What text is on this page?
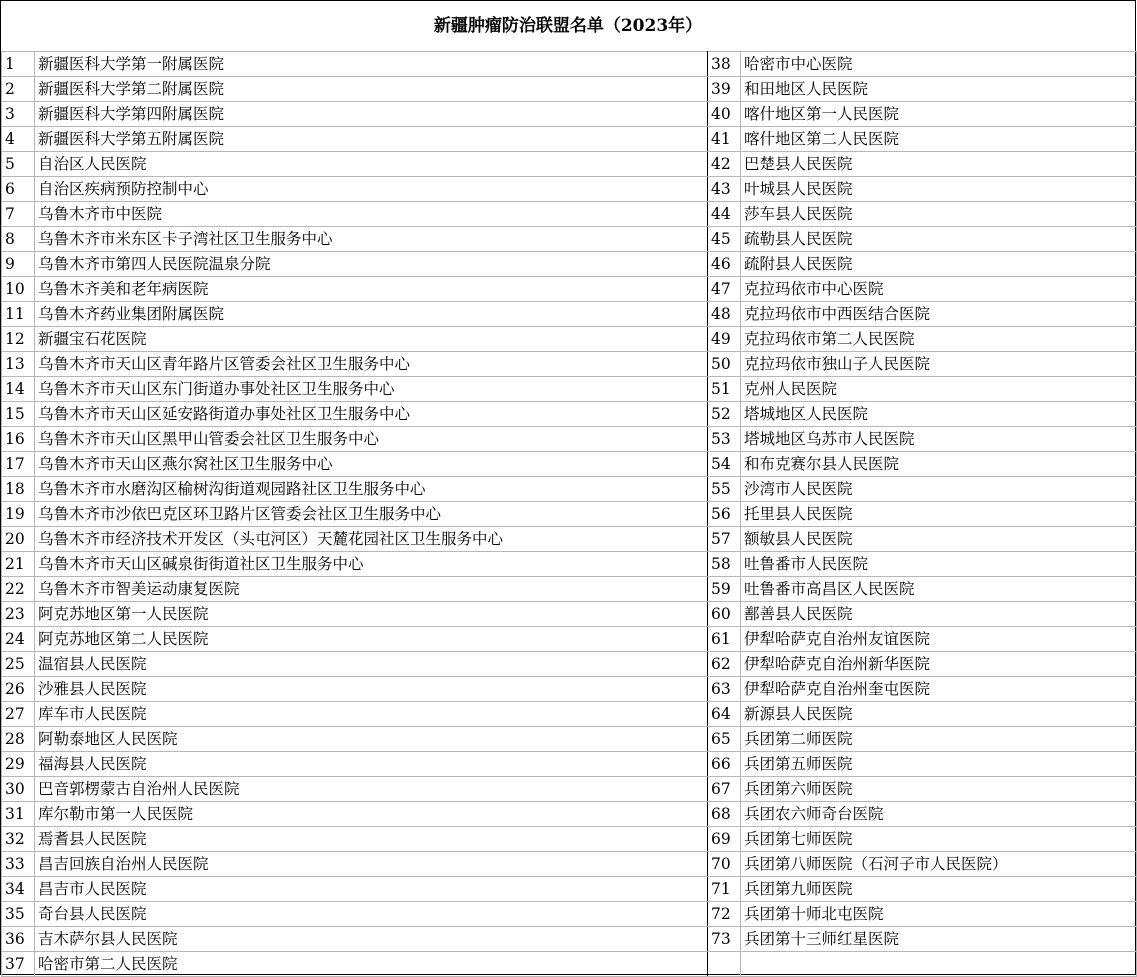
新疆肿瘤防治联盟名单（2023年）
1	新疆医科大学第一附属医院	38	哈密市中心医院
2	新疆医科大学第二附属医院	39	和田地区人民医院
3	新疆医科大学第四附属医院	40	喀什地区第一人民医院
4	新疆医科大学第五附属医院	41	喀什地区第二人民医院
5	自治区人民医院	42	巴楚县人民医院
6	自治区疾病预防控制中心	43	叶城县人民医院
7	乌鲁木齐市中医院	44	莎车县人民医院
8	乌鲁木齐市米东区卡子湾社区卫生服务中心	45	疏勒县人民医院
9	乌鲁木齐市第四人民医院温泉分院	46	疏附县人民医院
10	乌鲁木齐美和老年病医院	47	克拉玛依市中心医院
11	乌鲁木齐药业集团附属医院	48	克拉玛依市中西医结合医院
12	新疆宝石花医院	49	克拉玛依市第二人民医院
13	乌鲁木齐市天山区青年路片区管委会社区卫生服务中心	50	克拉玛依市独山子人民医院
14	乌鲁木齐市天山区东门街道办事处社区卫生服务中心	51	克州人民医院
15	乌鲁木齐市天山区延安路街道办事处社区卫生服务中心	52	塔城地区人民医院
16	乌鲁木齐市天山区黑甲山管委会社区卫生服务中心	53	塔城地区乌苏市人民医院
17	乌鲁木齐市天山区燕尔窝社区卫生服务中心	54	和布克赛尔县人民医院
18	乌鲁木齐市水磨沟区榆树沟街道观园路社区卫生服务中心	55	沙湾市人民医院
19	乌鲁木齐市沙依巴克区环卫路片区管委会社区卫生服务中心	56	托里县人民医院
20	乌鲁木齐市经济技术开发区（头屯河区）天麓花园社区卫生服务中心	57	额敏县人民医院
21	乌鲁木齐市天山区碱泉街街道社区卫生服务中心	58	吐鲁番市人民医院
22	乌鲁木齐市智美运动康复医院	59	吐鲁番市高昌区人民医院
23	阿克苏地区第一人民医院	60	鄯善县人民医院
24	阿克苏地区第二人民医院	61	伊犁哈萨克自治州友谊医院
25	温宿县人民医院	62	伊犁哈萨克自治州新华医院
26	沙雅县人民医院	63	伊犁哈萨克自治州奎屯医院
27	库车市人民医院	64	新源县人民医院
28	阿勒泰地区人民医院	65	兵团第二师医院
29	福海县人民医院	66	兵团第五师医院
30	巴音郭楞蒙古自治州人民医院	67	兵团第六师医院
31	库尔勒市第一人民医院	68	兵团农六师奇台医院
32	焉耆县人民医院	69	兵团第七师医院
33	昌吉回族自治州人民医院	70	兵团第八师医院（石河子市人民医院）
34	昌吉市人民医院	71	兵团第九师医院
35	奇台县人民医院	72	兵团第十师北屯医院
36	吉木萨尔县人民医院	73	兵团第十三师红星医院
37	哈密市第二人民医院		
